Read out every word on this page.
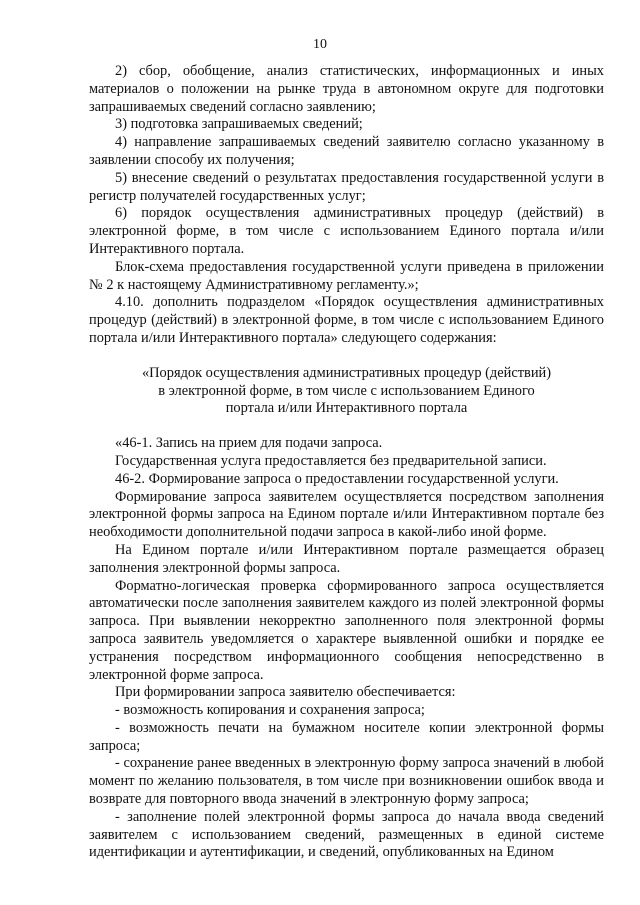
10

2) сбор, обобщение, анализ статистических, информационных и иных материалов о положении на рынке труда в автономном округе для подготовки запрашиваемых сведений согласно заявлению;

3) подготовка запрашиваемых сведений;

4) направление запрашиваемых сведений заявителю согласно указанному в заявлении способу их получения;

5) внесение сведений о результатах предоставления государственной услуги в регистр получателей государственных услуг;

6) порядок осуществления административных процедур (действий) в электронной форме, в том числе с использованием Единого портала и/или Интерактивного портала.

Блок-схема предоставления государственной услуги приведена в приложении № 2 к настоящему Административному регламенту.»;

4.10. дополнить подразделом «Порядок осуществления административных процедур (действий) в электронной форме, в том числе с использованием Единого портала и/или Интерактивного портала» следующего содержания:

«Порядок осуществления административных процедур (действий)
в электронной форме, в том числе с использованием Единого
портала и/или Интерактивного портала

«46-1. Запись на прием для подачи запроса.

Государственная услуга предоставляется без предварительной записи.

46-2. Формирование запроса о предоставлении государственной услуги.

Формирование запроса заявителем осуществляется посредством заполнения электронной формы запроса на Едином портале и/или Интерактивном портале без необходимости дополнительной подачи запроса в какой-либо иной форме.

На Едином портале и/или Интерактивном портале размещается образец заполнения электронной формы запроса.

Форматно-логическая проверка сформированного запроса осуществляется автоматически после заполнения заявителем каждого из полей электронной формы запроса. При выявлении некорректно заполненного поля электронной формы запроса заявитель уведомляется о характере выявленной ошибки и порядке ее устранения посредством информационного сообщения непосредственно в электронной форме запроса.

При формировании запроса заявителю обеспечивается:

- возможность копирования и сохранения запроса;

- возможность печати на бумажном носителе копии электронной формы запроса;

- сохранение ранее введенных в электронную форму запроса значений в любой момент по желанию пользователя, в том числе при возникновении ошибок ввода и возврате для повторного ввода значений в электронную форму запроса;

- заполнение полей электронной формы запроса до начала ввода сведений заявителем с использованием сведений, размещенных в единой системе идентификации и аутентификации, и сведений, опубликованных на Едином
